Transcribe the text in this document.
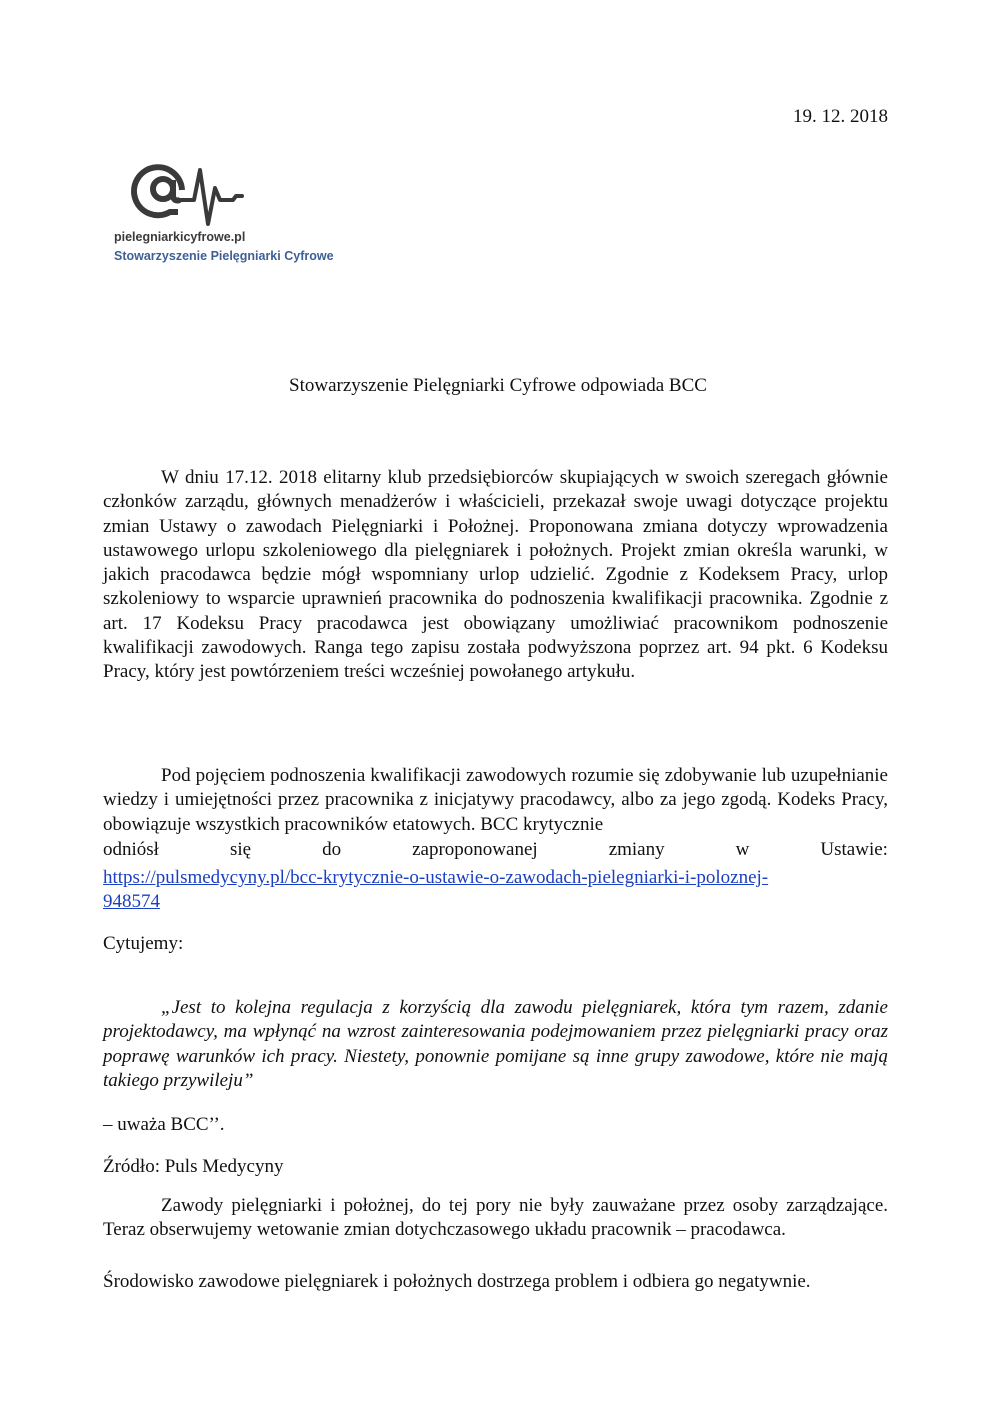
19. 12. 2018
pielegniarkicyfrowe.pl
Stowarzyszenie Pielęgniarki Cyfrowe
Stowarzyszenie Pielęgniarki Cyfrowe odpowiada BCC

W dniu 17.12. 2018 elitarny klub przedsiębiorców skupiających w swoich szeregach głównie członków zarządu, głównych menadżerów i właścicieli, przekazał swoje uwagi dotyczące projektu zmian Ustawy o zawodach Pielęgniarki i Położnej. Proponowana zmiana dotyczy wprowadzenia ustawowego urlopu szkoleniowego dla pielęgniarek i położnych. Projekt zmian określa warunki, w jakich pracodawca będzie mógł wspomniany urlop udzielić. Zgodnie z Kodeksem Pracy, urlop szkoleniowy to wsparcie uprawnień pracownika do podnoszenia kwalifikacji pracownika. Zgodnie z art. 17 Kodeksu Pracy pracodawca jest obowiązany umożliwiać pracownikom podnoszenie kwalifikacji zawodowych. Ranga tego zapisu została podwyższona poprzez art. 94 pkt. 6 Kodeksu Pracy, który jest powtórzeniem treści wcześniej powołanego artykułu.

Pod pojęciem podnoszenia kwalifikacji zawodowych rozumie się zdobywanie lub uzupełnianie wiedzy i umiejętności przez pracownika z inicjatywy pracodawcy, albo za jego zgodą. Kodeks Pracy, obowiązuje wszystkich pracowników etatowych. BCC krytycznie

odniósł	się	do	zaproponowanej	zmiany	w	Ustawie:
https://pulsmedycyny.pl/bcc-krytycznie-o-ustawie-o-zawodach-pielegniarki-i-poloznej-
948574
Cytujemy:

„Jest to kolejna regulacja z korzyścią dla zawodu pielęgniarek, która tym razem, zdanie projektodawcy, ma wpłynąć na wzrost zainteresowania podejmowaniem przez pielęgniarki pracy oraz poprawę warunków ich pracy. Niestety, ponownie pomijane są inne grupy zawodowe, które nie mają takiego przywileju”

– uważa BCC’’.
Źródło: Puls Medycyny

Zawody pielęgniarki i położnej, do tej pory nie były zauważane przez osoby zarządzające. Teraz obserwujemy wetowanie zmian dotychczasowego układu pracownik – pracodawca.

Środowisko zawodowe pielęgniarek i położnych dostrzega problem i odbiera go negatywnie.
